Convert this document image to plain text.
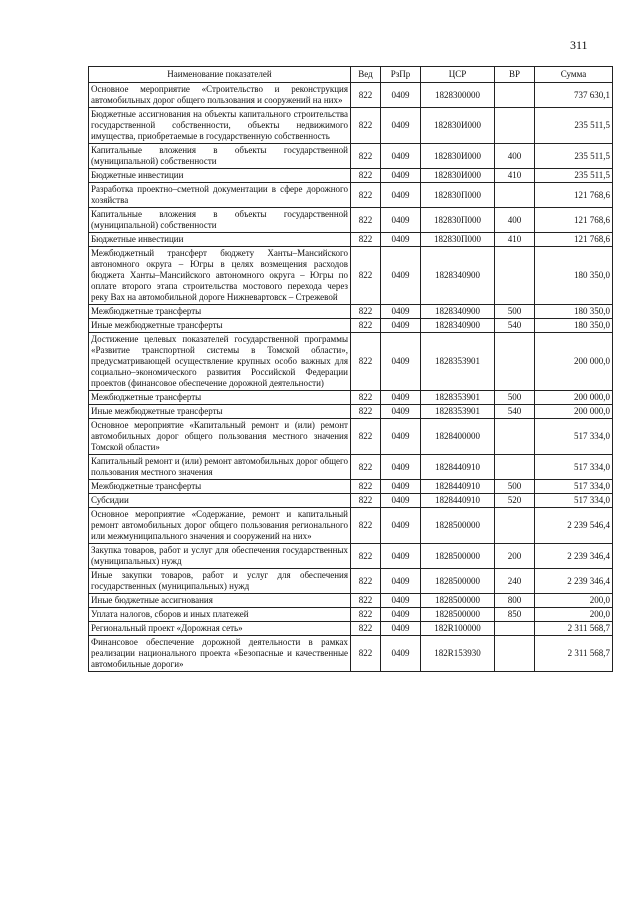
311
Наименование показателей	Вед	РзПр	ЦСР	ВР	Сумма
Основное мероприятие «Строительство и реконструкция автомобильных дорог общего пользования и сооружений на них»	822	0409	1828300000		737 630,1
Бюджетные ассигнования на объекты капитального строительства государственной собственности, объекты недвижимого имущества, приобретаемые в государственную собственность	822	0409	182830И000		235 511,5
Капитальные вложения в объекты государственной (муниципальной) собственности	822	0409	182830И000	400	235 511,5
Бюджетные инвестиции	822	0409	182830И000	410	235 511,5
Разработка проектно–сметной документации в сфере дорожного хозяйства	822	0409	182830П000		121 768,6
Капитальные вложения в объекты государственной (муниципальной) собственности	822	0409	182830П000	400	121 768,6
Бюджетные инвестиции	822	0409	182830П000	410	121 768,6
Межбюджетный трансферт бюджету Ханты–Мансийского автономного округа – Югры в целях возмещения расходов бюджета Ханты–Мансийского автономного округа – Югры по оплате второго этапа строительства мостового перехода через реку Вах на автомобильной дороге Нижневартовск – Стрежевой	822	0409	1828340900		180 350,0
Межбюджетные трансферты	822	0409	1828340900	500	180 350,0
Иные межбюджетные трансферты	822	0409	1828340900	540	180 350,0
Достижение целевых показателей государственной программы «Развитие транспортной системы в Томской области», предусматривающей осуществление крупных особо важных для социально–экономического развития Российской Федерации проектов (финансовое обеспечение дорожной деятельности)	822	0409	1828353901		200 000,0
Межбюджетные трансферты	822	0409	1828353901	500	200 000,0
Иные межбюджетные трансферты	822	0409	1828353901	540	200 000,0
Основное мероприятие «Капитальный ремонт и (или) ремонт автомобильных дорог общего пользования местного значения Томской области»	822	0409	1828400000		517 334,0
Капитальный ремонт и (или) ремонт автомобильных дорог общего пользования местного значения	822	0409	1828440910		517 334,0
Межбюджетные трансферты	822	0409	1828440910	500	517 334,0
Субсидии	822	0409	1828440910	520	517 334,0
Основное мероприятие «Содержание, ремонт и капитальный ремонт автомобильных дорог общего пользования регионального или межмуниципального значения и сооружений на них»	822	0409	1828500000		2 239 546,4
Закупка товаров, работ и услуг для обеспечения государственных (муниципальных) нужд	822	0409	1828500000	200	2 239 346,4
Иные закупки товаров, работ и услуг для обеспечения государственных (муниципальных) нужд	822	0409	1828500000	240	2 239 346,4
Иные бюджетные ассигнования	822	0409	1828500000	800	200,0
Уплата налогов, сборов и иных платежей	822	0409	1828500000	850	200,0
Региональный проект «Дорожная сеть»	822	0409	182R100000		2 311 568,7
Финансовое обеспечение дорожной деятельности в рамках реализации национального проекта «Безопасные и качественные автомобильные дороги»	822	0409	182R153930		2 311 568,7
